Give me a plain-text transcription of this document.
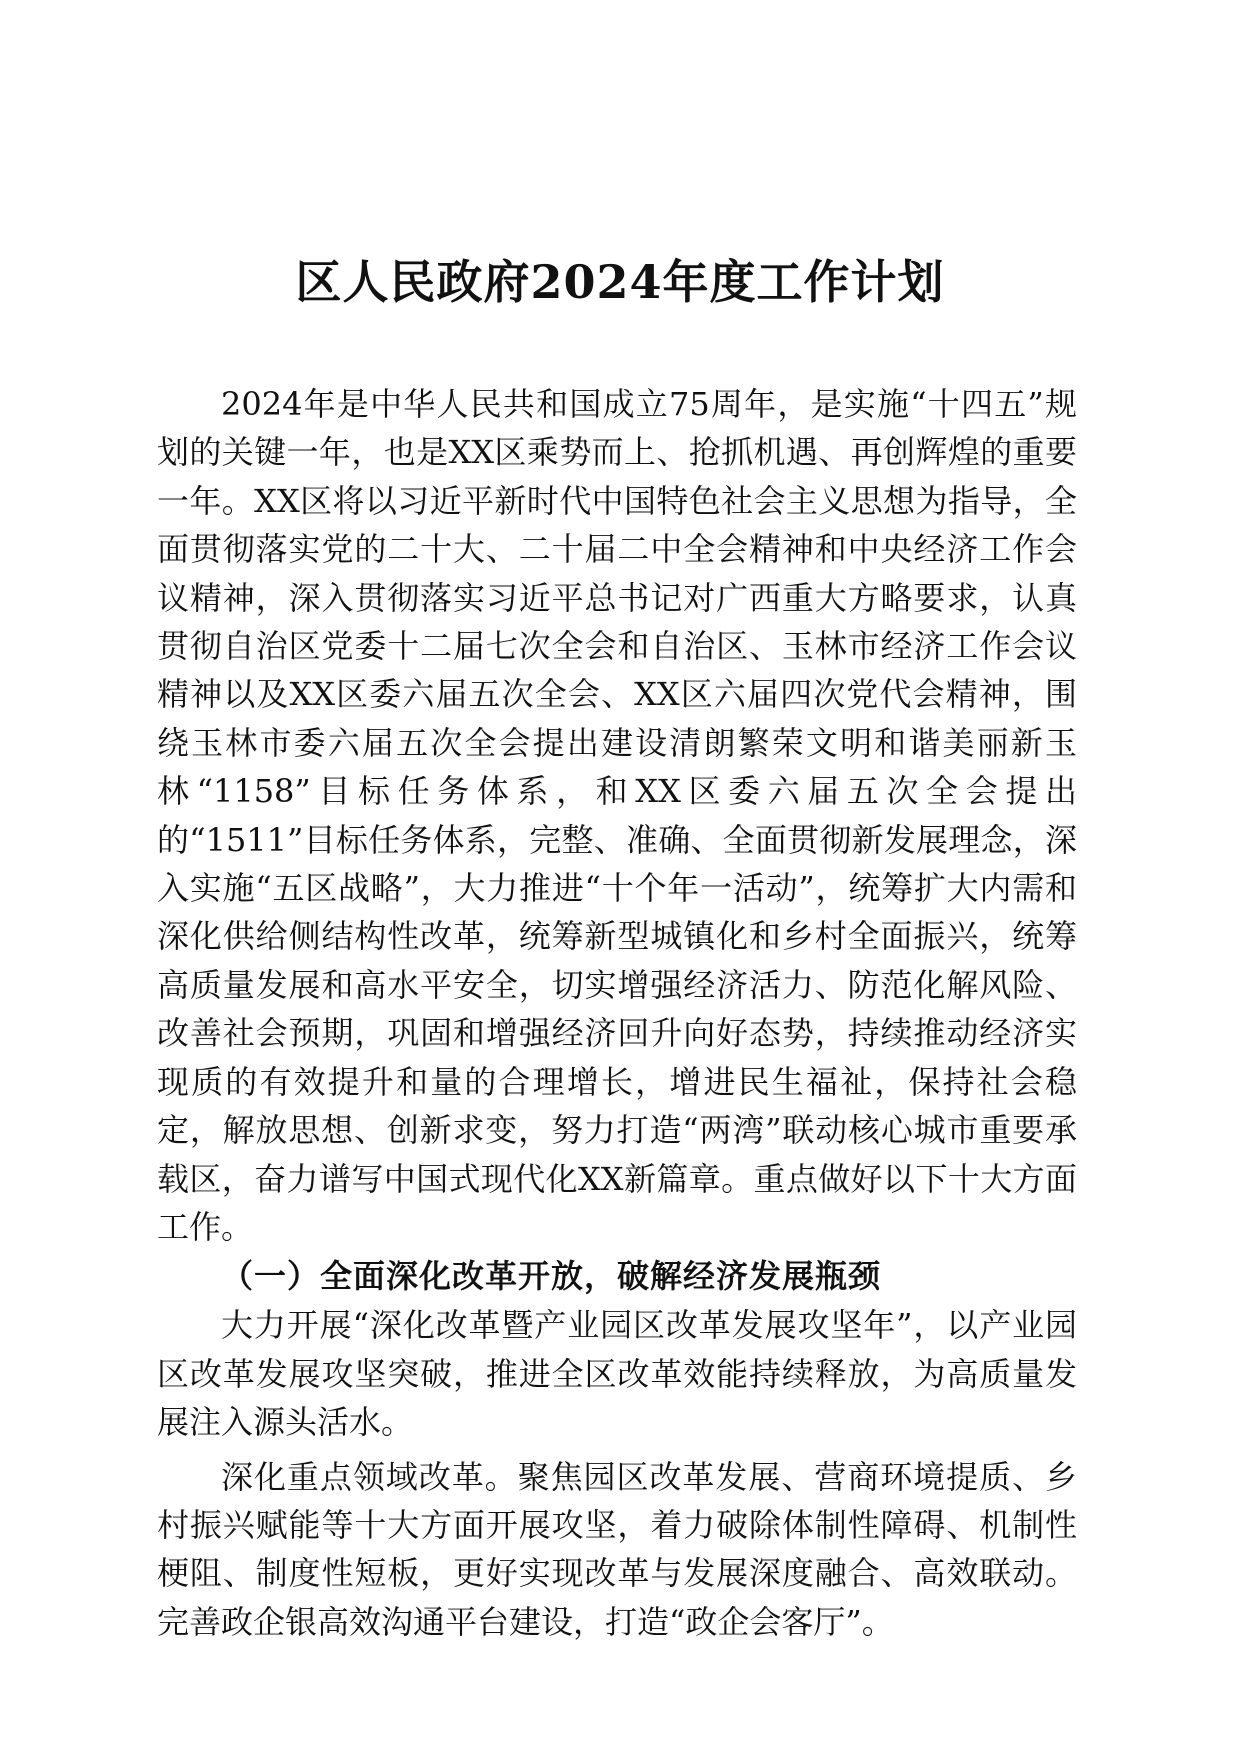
区人民政府2024年度工作计划

2024年是中华人民共和国成立75周年，是实施“十四五”规划的关键一年，也是XX区乘势而上、抢抓机遇、再创辉煌的重要一年。XX区将以习近平新时代中国特色社会主义思想为指导，全面贯彻落实党的二十大、二十届二中全会精神和中央经济工作会议精神，深入贯彻落实习近平总书记对广西重大方略要求，认真贯彻自治区党委十二届七次全会和自治区、玉林市经济工作会议精神以及XX区委六届五次全会、XX区六届四次党代会精神，围绕玉林市委六届五次全会提出建设清朗繁荣文明和谐美丽新玉林“1158”目标任务体系，和XX区委六届五次全会提出的“1511”目标任务体系，完整、准确、全面贯彻新发展理念，深入实施“五区战略”，大力推进“十个年一活动”，统筹扩大内需和深化供给侧结构性改革，统筹新型城镇化和乡村全面振兴，统筹高质量发展和高水平安全，切实增强经济活力、防范化解风险、改善社会预期，巩固和增强经济回升向好态势，持续推动经济实现质的有效提升和量的合理增长，增进民生福祉，保持社会稳定，解放思想、创新求变，努力打造“两湾”联动核心城市重要承载区，奋力谱写中国式现代化XX新篇章。重点做好以下十大方面工作。

（一）全面深化改革开放，破解经济发展瓶颈

大力开展“深化改革暨产业园区改革发展攻坚年”，以产业园区改革发展攻坚突破，推进全区改革效能持续释放，为高质量发展注入源头活水。

深化重点领域改革。聚焦园区改革发展、营商环境提质、乡村振兴赋能等十大方面开展攻坚，着力破除体制性障碍、机制性梗阻、制度性短板，更好实现改革与发展深度融合、高效联动。完善政企银高效沟通平台建设，打造“政企会客厅”。
